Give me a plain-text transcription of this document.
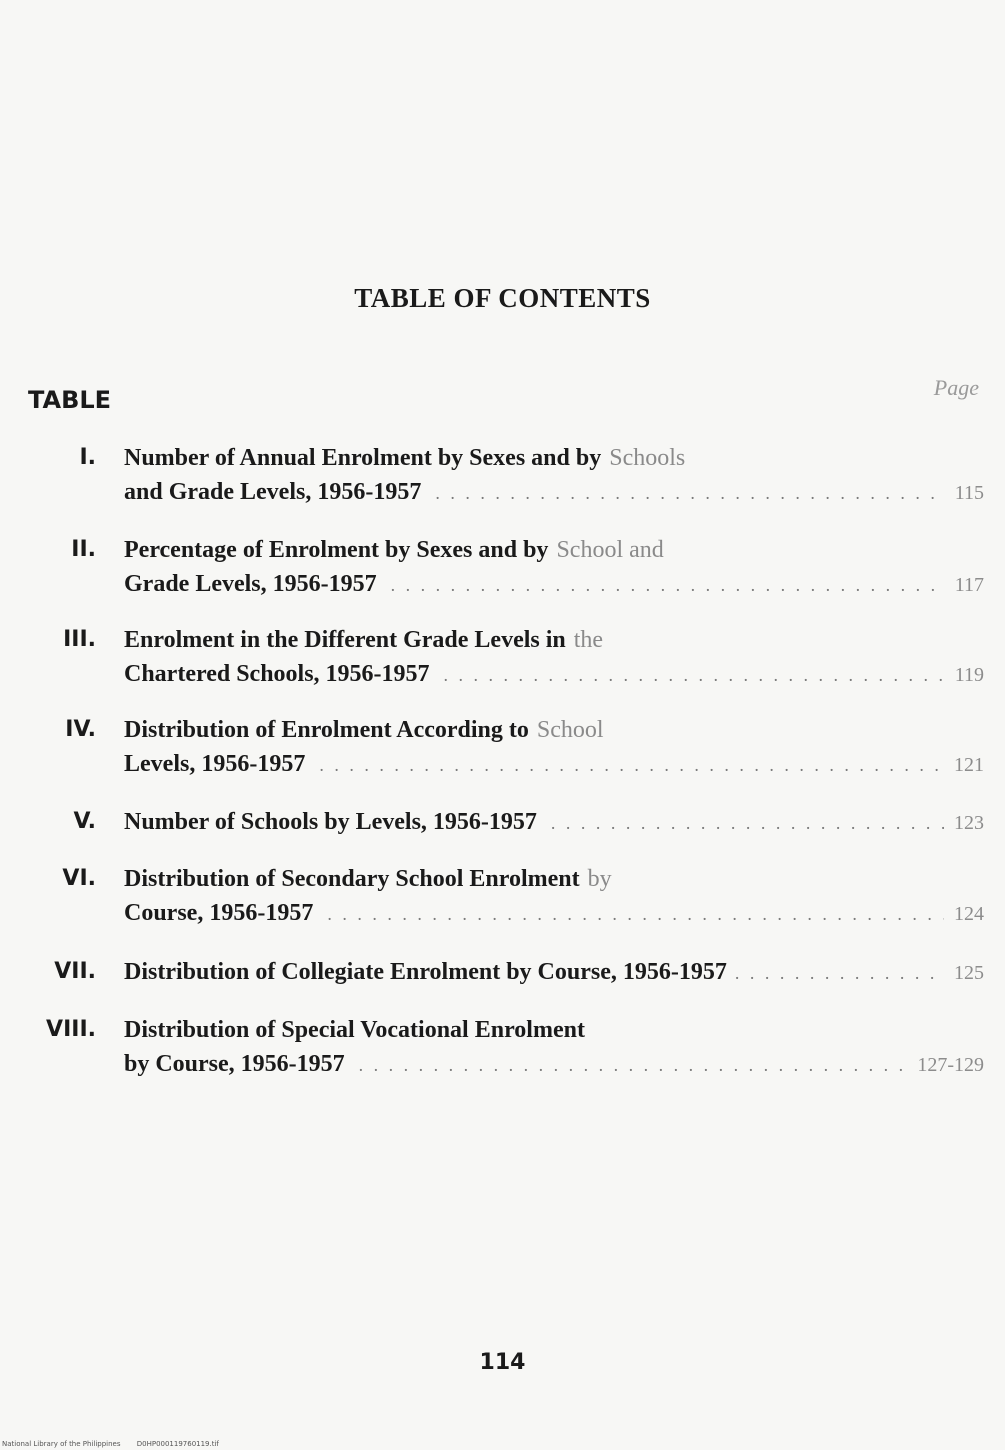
TABLE OF CONTENTS
TABLE	Page
I. Number of Annual Enrolment by Sexes and by Schools
and Grade Levels, 1956-1957 . . .	115
II. Percentage of Enrolment by Sexes and by School and
Grade Levels, 1956-1957 . . .	117
III. Enrolment in the Different Grade Levels in the
Chartered Schools, 1956-1957 . . .	119
IV. Distribution of Enrolment According to School
Levels, 1956-1957 . . .	121
V. Number of Schools by Levels, 1956-1957 . . .	123
VI. Distribution of Secondary School Enrolment by
Course, 1956-1957 . . .	124
VII. Distribution of Collegiate Enrolment by Course, 1956-1957 . . .	125
VIII. Distribution of Special Vocational Enrolment
by Course, 1956-1957 . . .	127-129
114
National Library of the Philippines D0HP000119760119.tif
